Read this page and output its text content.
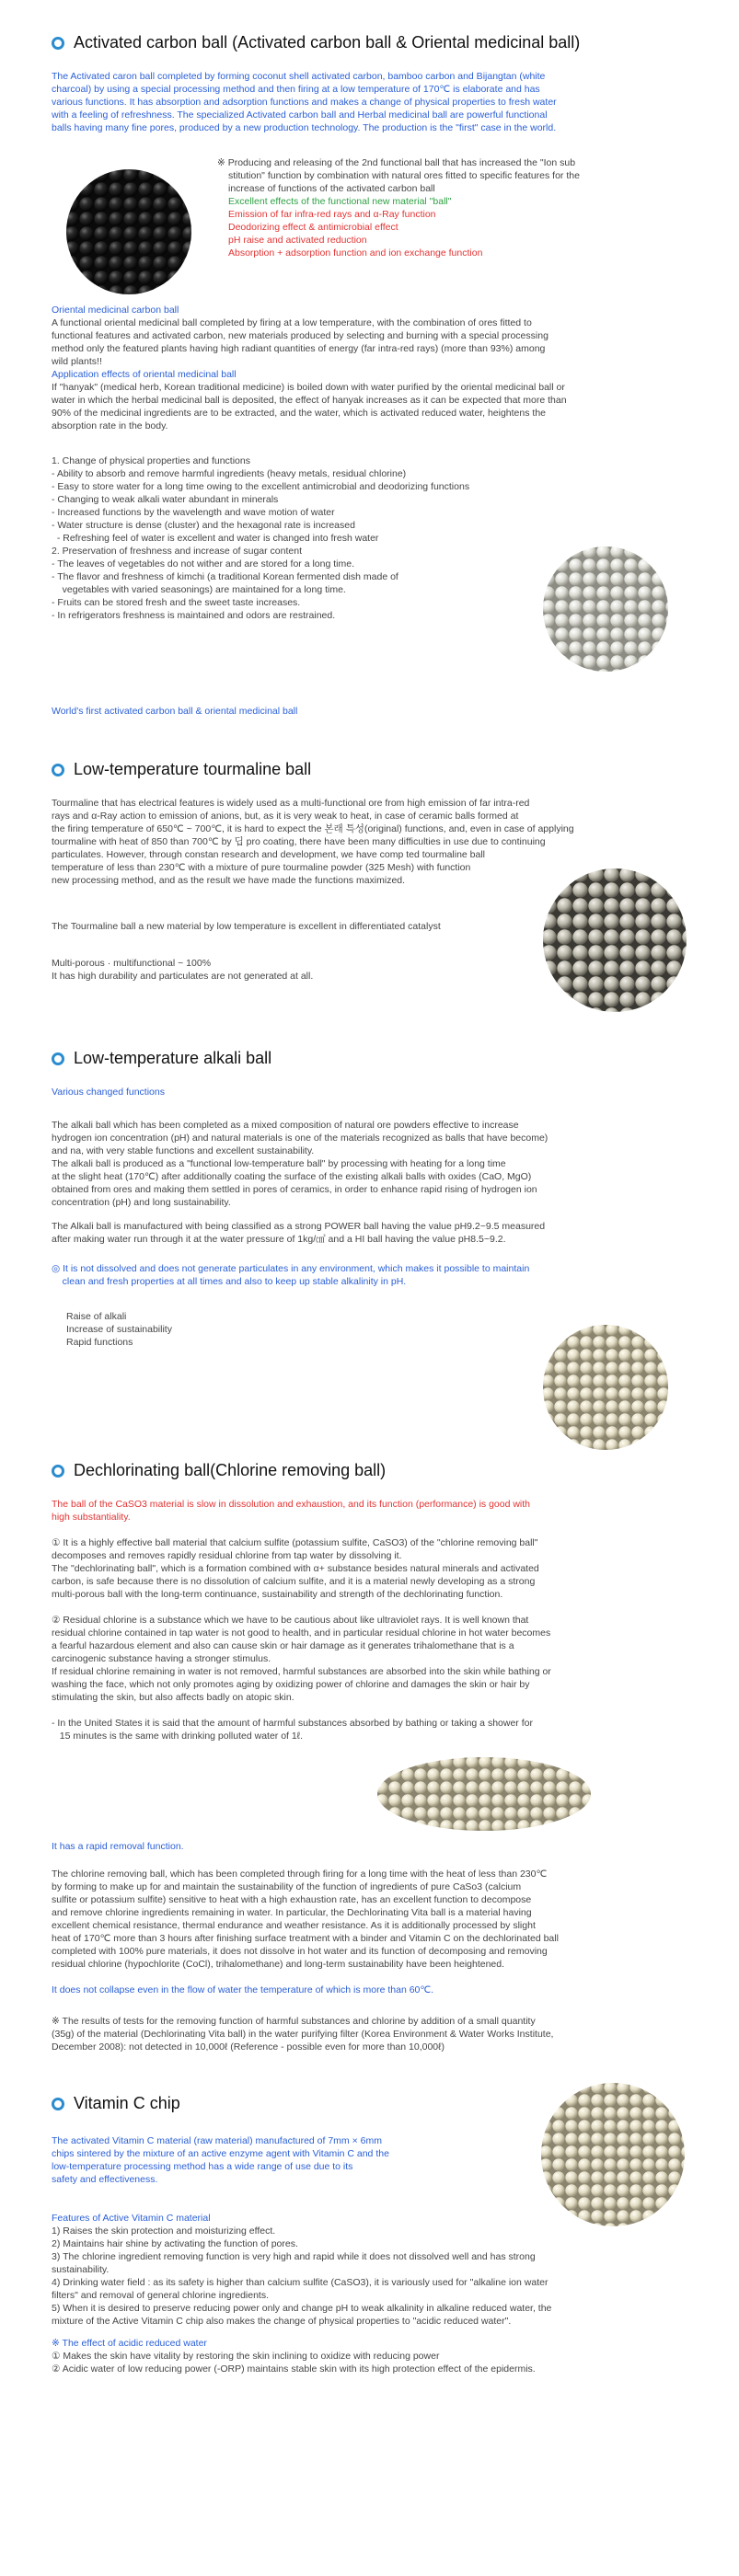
Activated carbon ball (Activated carbon ball & Oriental medicinal ball)
The Activated caron ball completed by forming coconut shell activated carbon, bamboo carbon and Bijangtan (white
charcoal) by using a special processing method and then firing at a low temperature of 170℃ is elaborate and has
various functions. It has absorption and adsorption functions and makes a change of physical properties to fresh water
with a feeling of refreshness. The specialized Activated carbon ball and Herbal medicinal ball are powerful functional
balls having many fine pores, produced by a new production technology. The production is the "first" case in the world.
※ Producing and releasing of the 2nd functional ball that has increased the "Ion sub
stitution" function by combination with natural ores fitted to specific features for the
increase of functions of the activated carbon ball
Excellent effects of the functional new material "ball"
Emission of far infra-red rays and α-Ray function
Deodorizing effect & antimicrobial effect
pH raise and activated reduction
Absorption + adsorption function and ion exchange function
Oriental medicinal carbon ball
A functional oriental medicinal ball completed by firing at a low temperature, with the combination of ores fitted to
functional features and activated carbon, new materials produced by selecting and burning with a special processing
method only the featured plants having high radiant quantities of energy (far intra-red rays) (more than 93%) among
wild plants!!
Application effects of oriental medicinal ball
If "hanyak" (medical herb, Korean traditional medicine) is boiled down with water purified by the oriental medicinal ball or
water in which the herbal medicinal ball is deposited, the effect of hanyak increases as it can be expected that more than
90% of the medicinal ingredients are to be extracted, and the water, which is activated reduced water, heightens the
absorption rate in the body.
1. Change of physical properties and functions
- Ability to absorb and remove harmful ingredients (heavy metals, residual chlorine)
- Easy to store water for a long time owing to the excellent antimicrobial and deodorizing functions
- Changing to weak alkali water abundant in minerals
- Increased functions by the wavelength and wave motion of water
- Water structure is dense (cluster) and the hexagonal rate is increased
- Refreshing feel of water is excellent and water is changed into fresh water
2. Preservation of freshness and increase of sugar content
- The leaves of vegetables do not wither and are stored for a long time.
- The flavor and freshness of kimchi (a traditional Korean fermented dish made of
vegetables with varied seasonings) are maintained for a long time.
- Fruits can be stored fresh and the sweet taste increases.
- In refrigerators freshness is maintained and odors are restrained.
World's first activated carbon ball & oriental medicinal ball
Low-temperature tourmaline ball
Tourmaline that has electrical features is widely used as a multi-functional ore from high emission of far intra-red
rays and α-Ray action to emission of anions, but, as it is very weak to heat, in case of ceramic balls formed at
the firing temperature of 650℃ ~ 700℃, it is hard to expect the 본래 특성(original) functions, and, even in case of applying
tourmaline with heat of 850 than 700℃ by 딥 pro coating, there have been many difficulties in use due to continuing
particulates. However, through constan research and development, we have comp ted tourmaline ball
temperature of less than 230℃ with a mixture of pure tourmaline powder (325 Mesh) with function
new processing method, and as the result we have made the functions maximized.
The Tourmaline ball a new material by low temperature is excellent in differentiated catalyst
Multi-porous · multifunctional ~ 100%
It has high durability and particulates are not generated at all.
Low-temperature alkali ball
Various changed functions
The alkali ball which has been completed as a mixed composition of natural ore powders effective to increase
hydrogen ion concentration (pH) and natural materials is one of the materials recognized as balls that have become)
and na, with very stable functions and excellent sustainability.
The alkali ball is produced as a "functional low-temperature ball" by processing with heating for a long time
at the slight heat (170℃) after additionally coating the surface of the existing alkali balls with oxides (CaO, MgO)
obtained from ores and making them settled in pores of ceramics, in order to enhance rapid rising of hydrogen ion
concentration (pH) and long sustainability.
The Alkali ball is manufactured with being classified as a strong POWER ball having the value pH9.2~9.5 measured
after making water run through it at the water pressure of 1kg/㎠ and a HI ball having the value pH8.5~9.2.
◎ It is not dissolved and does not generate particulates in any environment, which makes it possible to maintain
clean and fresh properties at all times and also to keep up stable alkalinity in pH.
Raise of alkali
Increase of sustainability
Rapid functions
Dechlorinating ball(Chlorine removing ball)
The ball of the CaSO3 material is slow in dissolution and exhaustion, and its function (performance) is good with
high substantiality.
① It is a highly effective ball material that calcium sulfite (potassium sulfite, CaSO3) of the "chlorine removing ball"
decomposes and removes rapidly residual chlorine from tap water by dissolving it.
The "dechlorinating ball", which is a formation combined with α+ substance besides natural minerals and activated
carbon, is safe because there is no dissolution of calcium sulfite, and it is a material newly developing as a strong
multi-porous ball with the long-term continuance, sustainability and strength of the dechlorinating function.
② Residual chlorine is a substance which we have to be cautious about like ultraviolet rays. It is well known that
residual chlorine contained in tap water is not good to health, and in particular residual chlorine in hot water becomes
a fearful hazardous element and also can cause skin or hair damage as it generates trihalomethane that is a
carcinogenic substance having a stronger stimulus.
If residual chlorine remaining in water is not removed, harmful substances are absorbed into the skin while bathing or
washing the face, which not only promotes aging by oxidizing power of chlorine and damages the skin or hair by
stimulating the skin, but also affects badly on atopic skin.
- In the United States it is said that the amount of harmful substances absorbed by bathing or taking a shower for
15 minutes is the same with drinking polluted water of 1ℓ.
It has a rapid removal function.
The chlorine removing ball, which has been completed through firing for a long time with the heat of less than 230℃
by forming to make up for and maintain the sustainability of the function of ingredients of pure CaSo3 (calcium
sulfite or potassium sulfite) sensitive to heat with a high exhaustion rate, has an excellent function to decompose
and remove chlorine ingredients remaining in water. In particular, the Dechlorinating Vita ball is a material having
excellent chemical resistance, thermal endurance and weather resistance. As it is additionally processed by slight
heat of 170℃ more than 3 hours after finishing surface treatment with a binder and Vitamin C on the dechlorinated ball
completed with 100% pure materials, it does not dissolve in hot water and its function of decomposing and removing
residual chlorine (hypochlorite (CoCl), trihalomethane) and long-term sustainability have been heightened.
It does not collapse even in the flow of water the temperature of which is more than 60℃.
※ The results of tests for the removing function of harmful substances and chlorine by addition of a small quantity
(35g) of the material (Dechlorinating Vita ball) in the water purifying filter (Korea Environment & Water Works Institute,
December 2008): not detected in 10,000ℓ (Reference - possible even for more than 10,000ℓ)
Vitamin C chip
The activated Vitamin C material (raw material) manufactured of 7mm × 6mm
chips sintered by the mixture of an active enzyme agent with Vitamin C and the
low-temperature processing method has a wide range of use due to its
safety and effectiveness.
Features of Active Vitamin C material
1) Raises the skin protection and moisturizing effect.
2) Maintains hair shine by activating the function of pores.
3) The chlorine ingredient removing function is very high and rapid while it does not dissolved well and has strong
sustainability.
4) Drinking water field : as its safety is higher than calcium sulfite (CaSO3), it is variously used for "alkaline ion water
filters" and removal of general chlorine ingredients.
5) When it is desired to preserve reducing power only and change pH to weak alkalinity in alkaline reduced water, the
mixture of the Active Vitamin C chip also makes the change of physical properties to "acidic reduced water".
※ The effect of acidic reduced water
① Makes the skin have vitality by restoring the skin inclining to oxidize with reducing power
② Acidic water of low reducing power (-ORP) maintains stable skin with its high protection effect of the epidermis.
